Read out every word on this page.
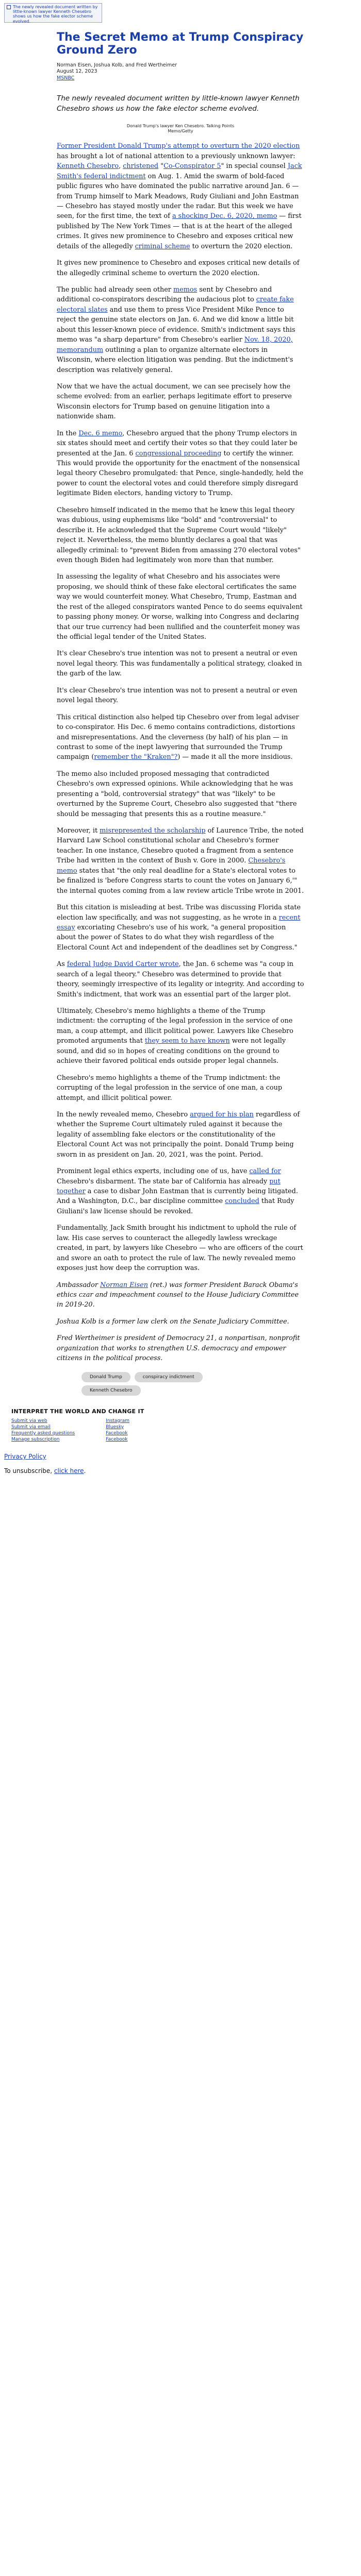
The newly revealed document written by little-known lawyer Kenneth Chesebro shows us how the fake elector scheme evolved.
The Secret Memo at Trump Conspiracy Ground Zero
Norman Eisen, Joshua Kolb, and Fred Wertheimer
August 12, 2023
MSNBC

The newly revealed document written by little-known lawyer Kenneth Chesebro shows us how the fake elector scheme evolved.

Donald Trump's lawyer Ken Chesebro. Talking Points Memo/Getty

Former President Donald Trump's attempt to overturn the 2020 election has brought a lot of national attention to a previously unknown lawyer: Kenneth Chesebro, christened "Co-Conspirator 5" in special counsel Jack Smith's federal indictment on Aug. 1. Amid the swarm of bold-faced public figures who have dominated the public narrative around Jan. 6 — from Trump himself to Mark Meadows, Rudy Giuliani and John Eastman — Chesebro has stayed mostly under the radar. But this week we have seen, for the first time, the text of a shocking Dec. 6, 2020, memo — first published by The New York Times — that is at the heart of the alleged crimes. It gives new prominence to Chesebro and exposes critical new details of the allegedly criminal scheme to overturn the 2020 election.

It gives new prominence to Chesebro and exposes critical new details of the allegedly criminal scheme to overturn the 2020 election.

The public had already seen other memos sent by Chesebro and additional co-conspirators describing the audacious plot to create fake electoral slates and use them to press Vice President Mike Pence to reject the genuine state electors on Jan. 6. And we did know a little bit about this lesser-known piece of evidence. Smith's indictment says this memo was "a sharp departure" from Chesebro's earlier Nov. 18, 2020, memorandum outlining a plan to organize alternate electors in Wisconsin, where election litigation was pending. But the indictment's description was relatively general.

Now that we have the actual document, we can see precisely how the scheme evolved: from an earlier, perhaps legitimate effort to preserve Wisconsin electors for Trump based on genuine litigation into a nationwide sham.

In the Dec. 6 memo, Chesebro argued that the phony Trump electors in six states should meet and certify their votes so that they could later be presented at the Jan. 6 congressional proceeding to certify the winner. This would provide the opportunity for the enactment of the nonsensical legal theory Chesebro promulgated: that Pence, single-handedly, held the power to count the electoral votes and could therefore simply disregard legitimate Biden electors, handing victory to Trump.

Chesebro himself indicated in the memo that he knew this legal theory was dubious, using euphemisms like "bold" and "controversial" to describe it. He acknowledged that the Supreme Court would "likely" reject it. Nevertheless, the memo bluntly declares a goal that was allegedly criminal: to "prevent Biden from amassing 270 electoral votes" even though Biden had legitimately won more than that number.

In assessing the legality of what Chesebro and his associates were proposing, we should think of these fake electoral certificates the same way we would counterfeit money. What Chesebro, Trump, Eastman and the rest of the alleged conspirators wanted Pence to do seems equivalent to passing phony money. Or worse, walking into Congress and declaring that our true currency had been nullified and the counterfeit money was the official legal tender of the United States.

It's clear Chesebro's true intention was not to present a neutral or even novel legal theory. This was fundamentally a political strategy, cloaked in the garb of the law.

It's clear Chesebro's true intention was not to present a neutral or even novel legal theory.

This critical distinction also helped tip Chesebro over from legal adviser to co-conspirator. His Dec. 6 memo contains contradictions, distortions and misrepresentations. And the cleverness (by half) of his plan — in contrast to some of the inept lawyering that surrounded the Trump campaign (remember the "Kraken"?) — made it all the more insidious.

The memo also included proposed messaging that contradicted Chesebro's own expressed opinions. While acknowledging that he was presenting a "bold, controversial strategy" that was "likely" to be overturned by the Supreme Court, Chesebro also suggested that "there should be messaging that presents this as a routine measure."

Moreover, it misrepresented the scholarship of Laurence Tribe, the noted Harvard Law School constitutional scholar and Chesebro's former teacher. In one instance, Chesebro quoted a fragment from a sentence Tribe had written in the context of Bush v. Gore in 2000. Chesebro's memo states that "the only real deadline for a State's electoral votes to be finalized is 'before Congress starts to count the votes on January 6,'" the internal quotes coming from a law review article Tribe wrote in 2001.

But this citation is misleading at best. Tribe was discussing Florida state election law specifically, and was not suggesting, as he wrote in a recent essay excoriating Chesebro's use of his work, "a general proposition about the power of States to do what they wish regardless of the Electoral Count Act and independent of the deadlines set by Congress."

As federal Judge David Carter wrote, the Jan. 6 scheme was "a coup in search of a legal theory." Chesebro was determined to provide that theory, seemingly irrespective of its legality or integrity. And according to Smith's indictment, that work was an essential part of the larger plot.

Ultimately, Chesebro's memo highlights a theme of the Trump indictment: the corrupting of the legal profession in the service of one man, a coup attempt, and illicit political power. Lawyers like Chesebro promoted arguments that they seem to have known were not legally sound, and did so in hopes of creating conditions on the ground to achieve their favored political ends outside proper legal channels.

Chesebro's memo highlights a theme of the Trump indictment: the corrupting of the legal profession in the service of one man, a coup attempt, and illicit political power.

In the newly revealed memo, Chesebro argued for his plan regardless of whether the Supreme Court ultimately ruled against it because the legality of assembling fake electors or the constitutionality of the Electoral Count Act was not principally the point. Donald Trump being sworn in as president on Jan. 20, 2021, was the point. Period.

Prominent legal ethics experts, including one of us, have called for Chesebro's disbarment. The state bar of California has already put together a case to disbar John Eastman that is currently being litigated. And a Washington, D.C., bar discipline committee concluded that Rudy Giuliani's law license should be revoked.

Fundamentally, Jack Smith brought his indictment to uphold the rule of law. His case serves to counteract the allegedly lawless wreckage created, in part, by lawyers like Chesebro — who are officers of the court and swore an oath to protect the rule of law. The newly revealed memo exposes just how deep the corruption was.

Ambassador Norman Eisen (ret.) was former President Barack Obama's ethics czar and impeachment counsel to the House Judiciary Committee in 2019-20.

Joshua Kolb is a former law clerk on the Senate Judiciary Committee.

Fred Wertheimer is president of Democracy 21, a nonpartisan, nonprofit organization that works to strengthen U.S. democracy and empower citizens in the political process.

Donald Trump	conspiracy indictment
Kenneth Chesebro
INTERPRET THE WORLD AND CHANGE IT
Submit via web
Submit via email
Frequently asked questions
Manage subscription
Instagram
Bluesky
Facebook
Facebook
Privacy Policy
To unsubscribe, click here.
